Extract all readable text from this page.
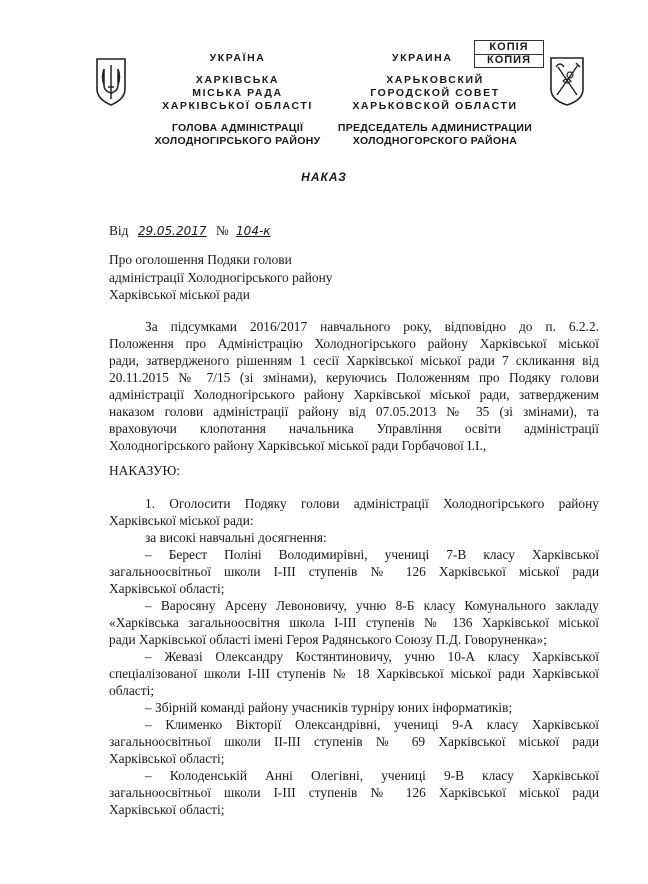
УКРАЇНА
ХАРКІВСЬКА
МІСЬКА РАДА
ХАРКІВСЬКОЇ ОБЛАСТІ
ГОЛОВА АДМІНІСТРАЦІЇ
ХОЛОДНОГІРСЬКОГО РАЙОНУ
УКРАИНА
КОПІЯ
КОПИЯ
ХАРЬКОВСКИЙ
ГОРОДСКОЙ СОВЕТ
ХАРЬКОВСКОЙ ОБЛАСТИ
ПРЕДСЕДАТЕЛЬ АДМИНИСТРАЦИИ
ХОЛОДНОГОРСКОГО РАЙОНА
НАКАЗ
Від 29.05.2017 № 104-к
Про оголошення Подяки голови
адміністрації Холодногірського району
Харківської міської ради
За підсумками 2016/2017 навчального року, відповідно до п. 6.2.2.
Положення про Адміністрацію Холодногірського району Харківської міської
ради, затвердженого рішенням 1 сесії Харківської міської ради 7 скликання від
20.11.2015 № 7/15 (зі змінами), керуючись Положенням про Подяку голови
адміністрації Холодногірського району Харківської міської ради, затвердженим
наказом голови адміністрації району від 07.05.2013 № 35 (зі змінами), та
враховуючи клопотання начальника Управління освіти адміністрації
Холодногірського району Харківської міської ради Горбачової І.І.,
НАКАЗУЮ:
1. Оголосити Подяку голови адміністрації Холодногірського району
Харківської міської ради:
за високі навчальні досягнення:
– Берест Поліні Володимирівні, учениці 7-В класу Харківської
загальноосвітньої школи І-ІІІ ступенів № 126 Харківської міської ради
Харківської області;
– Варосяну Арсену Левоновичу, учню 8-Б класу Комунального закладу
«Харківська загальноосвітня школа І-ІІІ ступенів № 136 Харківської міської
ради Харківської області імені Героя Радянського Союзу П.Д. Говоруненка»;
– Жевазі Олександру Костянтиновичу, учню 10-А класу Харківської
спеціалізованої школи І-ІІІ ступенів № 18 Харківської міської ради Харківської
області;
– Збірній команді району учасників турніру юних інформатиків;
– Клименко Вікторії Олександрівні, учениці 9-А класу Харківської
загальноосвітньої школи ІІ-ІІІ ступенів № 69 Харківської міської ради
Харківської області;
– Колоденській Анні Олегівні, учениці 9-В класу Харківської
загальноосвітньої школи І-ІІІ ступенів № 126 Харківської міської ради
Харківської області;
